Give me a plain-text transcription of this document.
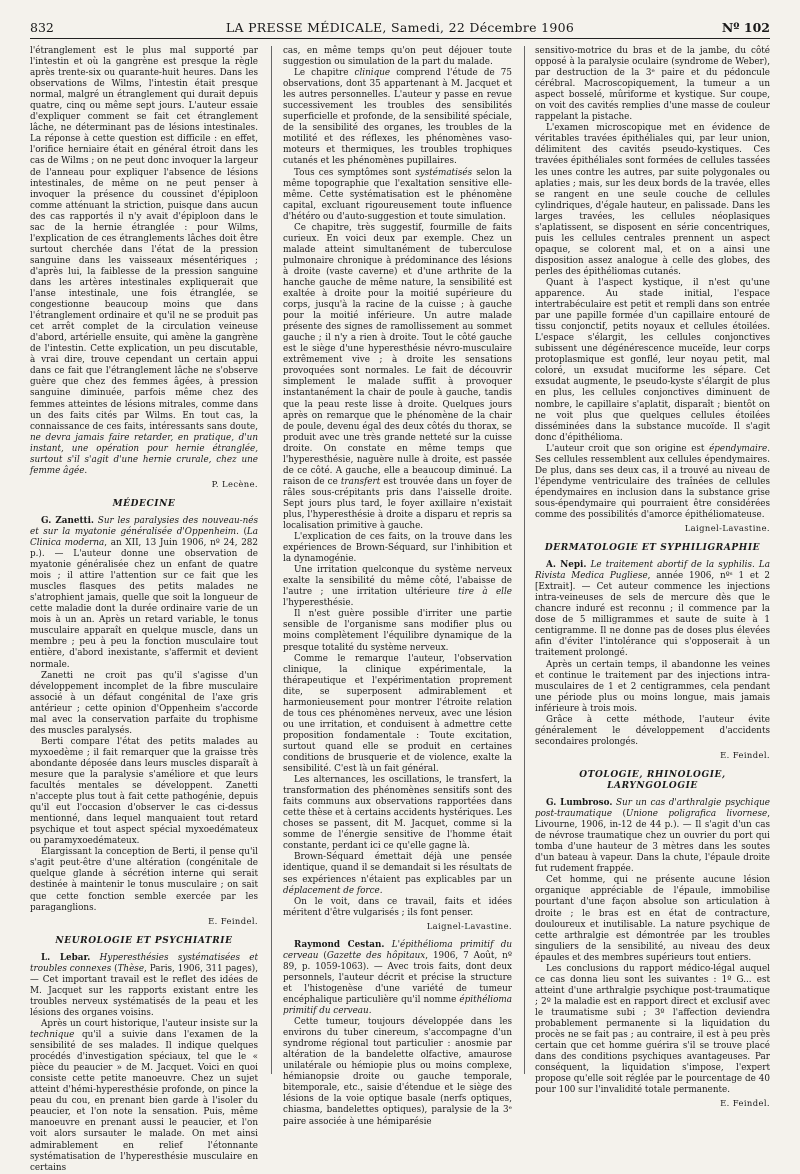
832	LA PRESSE MÉDICALE, Samedi, 22 Décembre 1906	Nº 102

l'étranglement est le plus mal supporté par l'intestin et où la gangrène est presque la règle après trente-six ou quarante-huit heures. Dans les observations de Wilms, l'intestin était presque normal, malgré un étranglement qui durait depuis quatre, cinq ou même sept jours. L'auteur essaie d'expliquer comment se fait cet étranglement lâche, ne déterminant pas de lésions intestinales. La réponse à cette question est difficile : en effet, l'orifice herniaire était en général étroit dans les cas de Wilms ; on ne peut donc invoquer la largeur de l'anneau pour expliquer l'absence de lésions intestinales, de même on ne peut penser à invoquer la présence du coussinet d'épiploon comme atténuant la striction, puisque dans aucun des cas rapportés il n'y avait d'épiploon dans le sac de la hernie étranglée : pour Wilms, l'explication de ces étranglements lâches doit être surtout cherchée dans l'état de la pression sanguine dans les vaisseaux mésentériques ; d'après lui, la faiblesse de la pression sanguine dans les artères intestinales expliquerait que l'anse intestinale, une fois étranglée, se congestionne beaucoup moins que dans l'étranglement ordinaire et qu'il ne se produit pas cet arrêt complet de la circulation veineuse d'abord, artérielle ensuite, qui amène la gangrène de l'intestin. Cette explication, un peu discutable, à vrai dire, trouve cependant un certain appui dans ce fait que l'étranglement lâche ne s'observe guère que chez des femmes âgées, à pression sanguine diminuée, parfois même chez des femmes atteintes de lésions mitrales, comme dans un des faits cités par Wilms. En tout cas, la connaissance de ces faits, intéressants sans doute, ne devra jamais faire retarder, en pratique, d'un instant, une opération pour hernie étranglée, surtout s'il s'agit d'une hernie crurale, chez une femme âgée.

P. Lecène.
MÉDECINE

G. Zanetti. Sur les paralysies des nouveau-nés et sur la myatonie généralisée d'Oppenheim. (La Clinica moderna, an XII, 13 Juin 1906, nº 24, 282 p.). — L'auteur donne une observation de myatonie généralisée chez un enfant de quatre mois ; il attire l'attention sur ce fait que les muscles flasques des petits malades ne s'atrophient jamais, quelle que soit la longueur de cette maladie dont la durée ordinaire varie de un mois à un an. Après un retard variable, le tonus musculaire apparaît en quelque muscle, dans un membre ; peu à peu la fonction musculaire tout entière, d'abord inexistante, s'affermit et devient normale.

Zanetti ne croit pas qu'il s'agisse d'un développement incomplet de la fibre musculaire associé à un défaut congénital de l'axe gris antérieur ; cette opinion d'Oppenheim s'accorde mal avec la conservation parfaite du trophisme des muscles paralysés.

Berti compare l'état des petits malades au myxoedème ; il fait remarquer que la graisse très abondante déposée dans leurs muscles disparaît à mesure que la paralysie s'améliore et que leurs facultés mentales se développent. Zanetti n'accepte plus tout à fait cette pathogénie, depuis qu'il eut l'occasion d'observer le cas ci-dessus mentionné, dans lequel manquaient tout retard psychique et tout aspect spécial myxoedémateux ou paramyxoedémateux.

Élargissant la conception de Berti, il pense qu'il s'agit peut-être d'une altération (congénitale de quelque glande à sécrétion interne qui serait destinée à maintenir le tonus musculaire ; on sait que cette fonction semble exercée par les paraganglions.

E. Feindel.
NEUROLOGIE ET PSYCHIATRIE

L. Lebar. Hyperesthésies systématisées et troubles connexes (Thèse, Paris, 1906, 311 pages), — Cet important travail est le reflet des idées de M. Jacquet sur les rapports existant entre les troubles nerveux systématisés de la peau et les lésions des organes voisins.

Après un court historique, l'auteur insiste sur la technique qu'il a suivie dans l'examen de la sensibilité de ses malades. Il indique quelques procédés d'investigation spéciaux, tel que le « pièce du peaucier » de M. Jacquet. Voici en quoi consiste cette petite manoeuvre. Chez un sujet atteint d'hémi-hyperesthésie profonde, on pince la peau du cou, en prenant bien garde à l'isoler du peaucier, et l'on note la sensation. Puis, même manoeuvre en prenant aussi le peaucier, et l'on voit alors sursauter le malade. On met ainsi admirablement en relief l'étonnante systématisation de l'hyperesthésie musculaire en certains

cas, en même temps qu'on peut déjouer toute suggestion ou simulation de la part du malade.

Le chapitre clinique comprend l'étude de 75 observations, dont 35 appartenant à M. Jacquet et les autres personnelles. L'auteur y passe en revue successivement les troubles des sensibilités superficielle et profonde, de la sensibilité spéciale, de la sensibilité des organes, les troubles de la motilité et des réflexes, les phénomènes vaso-moteurs et thermiques, les troubles trophiques cutanés et les phénomènes pupillaires.

Tous ces symptômes sont systématisés selon la même topographie que l'exaltation sensitive elle-même. Cette systématisation est le phénomène capital, excluant rigoureusement toute influence d'hétéro ou d'auto-suggestion et toute simulation.

Ce chapitre, très suggestif, fourmille de faits curieux. En voici deux par exemple. Chez un malade atteint simultanément de tuberculose pulmonaire chronique à prédominance des lésions à droite (vaste caverne) et d'une arthrite de la hanche gauche de même nature, la sensibilité est exaltée à droite pour la moitié supérieure du corps, jusqu'à la racine de la cuisse ; à gauche pour la moitié inférieure. Un autre malade présente des signes de ramollissement au sommet gauche ; il n'y a rien à droite. Tout le côté gauche est le siège d'une hyperesthésie névro-musculaire extrêmement vive ; à droite les sensations provoquées sont normales. Le fait de découvrir simplement le malade suffit à provoquer instantanément la chair de poule à gauche, tandis que la peau reste lisse à droite. Quelques jours après on remarque que le phénomène de la chair de poule, devenu égal des deux côtés du thorax, se produit avec une très grande netteté sur la cuisse droite. On constate en même temps que l'hyperesthésie, naguère nulle à droite, est passée de ce côté. A gauche, elle a beaucoup diminué. La raison de ce transfert est trouvée dans un foyer de râles sous-crépitants pris dans l'aisselle droite. Sept jours plus tard, le foyer axillaire n'existait plus, l'hyperesthésie à droite a disparu et repris sa localisation primitive à gauche.

L'explication de ces faits, on la trouve dans les expériences de Brown-Séquard, sur l'inhibition et la dynamogénie.

Une irritation quelconque du système nerveux exalte la sensibilité du même côté, l'abaisse de l'autre ; une irritation ultérieure tire à elle l'hyperesthésie.

Il n'est guère possible d'irriter une partie sensible de l'organisme sans modifier plus ou moins complètement l'équilibre dynamique de la presque totalité du système nerveux.

Comme le remarque l'auteur, l'observation clinique, la clinique expérimentale, la thérapeutique et l'expérimentation proprement dite, se superposent admirablement et harmonieusement pour montrer l'étroite relation de tous ces phénomènes nerveux, avec une lésion ou une irritation, et conduisent à admettre cette proposition fondamentale : Toute excitation, surtout quand elle se produit en certaines conditions de brusquerie et de violence, exalte la sensibilité. C'est là un fait général.

Les alternances, les oscillations, le transfert, la transformation des phénomènes sensitifs sont des faits communs aux observations rapportées dans cette thèse et à certains accidents hystériques. Les choses se passent, dit M. Jacquet, comme si la somme de l'énergie sensitive de l'homme était constante, perdant ici ce qu'elle gagne là.

Brown-Séquard émettait déjà une pensée identique, quand il se demandait si les résultats de ses expériences n'étaient pas explicables par un déplacement de force.

On le voit, dans ce travail, faits et idées méritent d'être vulgarisés ; ils font penser.

Laignel-Lavastine.

Raymond Cestan. L'épithélioma primitif du cerveau (Gazette des hôpitaux, 1906, 7 Août, nº 89, p. 1059-1063). — Avec trois faits, dont deux personnels, l'auteur décrit et précise la structure et l'histogenèse d'une variété de tumeur encéphalique particulière qu'il nomme épithélioma primitif du cerveau.

Cette tumeur, toujours développée dans les environs du tuber cinereum, s'accompagne d'un syndrome régional tout particulier : anosmie par altération de la bandelette olfactive, amaurose unilatérale ou hémiopie plus ou moins complexe, hémianopsie droite ou gauche temporale, bitemporale, etc., saisie d'étendue et le siège des lésions de la voie optique basale (nerfs optiques, chiasma, bandelettes optiques), paralysie de la 3ᵉ paire associée à une hémiparésie

sensitivo-motrice du bras et de la jambe, du côté opposé à la paralysie oculaire (syndrome de Weber), par destruction de la 3ᵉ paire et du pédoncule cérébral. Macroscopiquement, la tumeur a un aspect bosselé, mûriforme et kystique. Sur coupe, on voit des cavités remplies d'une masse de couleur rappelant la pistache.

L'examen microscopique met en évidence de véritables travées épithéliales qui, par leur union, délimitent des cavités pseudo-kystiques. Ces travées épithéliales sont formées de cellules tassées les unes contre les autres, par suite polygonales ou aplaties ; mais, sur les deux bords de la travée, elles se rangent en une seule couche de cellules cylindriques, d'égale hauteur, en palissade. Dans les larges travées, les cellules néoplasiques s'aplatissent, se disposent en série concentriques, puis les cellules centrales prennent un aspect opaque, se colorent mal, et on a ainsi une disposition assez analogue à celle des globes, des perles des épithéliomas cutanés.

Quant à l'aspect kystique, il n'est qu'une apparence. Au stade initial, l'espace intertrabéculaire est petit et rempli dans son entrée par une papille formée d'un capillaire entouré de tissu conjonctif, petits noyaux et cellules étoilées. L'espace s'élargit, les cellules conjonctives subissent une dégénérescence muceïde, leur corps protoplasmique est gonflé, leur noyau petit, mal coloré, un exsudat muciforme les sépare. Cet exsudat augmente, le pseudo-kyste s'élargit de plus en plus, les cellules conjonctives diminuent de nombre, le capillaire s'aplatit, disparaît ; bientôt on ne voit plus que quelques cellules étoilées disséminées dans la substance mucoïde. Il s'agit donc d'épithélioma.

L'auteur croit que son origine est épendymaire. Ses cellules ressemblent aux cellules épendymaires. De plus, dans ses deux cas, il a trouvé au niveau de l'épendyme ventriculaire des traînées de cellules épendymaires en inclusion dans la substance grise sous-épendymaire qui pourraient être considérées comme des possibilités d'amorce épithéliomateuse.

Laignel-Lavastine.
DERMATOLOGIE ET SYPHILIGRAPHIE

A. Nepi. Le traitement abortif de la syphilis. La Rivista Medica Pugliese, année 1906, nºˢ 1 et 2 [Extrait]. — Cet auteur commence les injections intra-veineuses de sels de mercure dès que le chancre induré est reconnu ; il commence par la dose de 5 milligrammes et saute de suite à 1 centigramme. Il ne donne pas de doses plus élevées afin d'éviter l'intolérance qui s'opposerait à un traitement prolongé.

Après un certain temps, il abandonne les veines et continue le traitement par des injections intra-musculaires de 1 et 2 centigrammes, cela pendant une période plus ou moins longue, mais jamais inférieure à trois mois.

Grâce à cette méthode, l'auteur évite généralement le développement d'accidents secondaires prolongés.

E. Feindel.
OTOLOGIE, RHINOLOGIE, LARYNGOLOGIE

G. Lumbroso. Sur un cas d'arthralgie psychique post-traumatique (Unione poligrafica livornese, Livourne, 1906, in-12 de 44 p.). — Il s'agit d'un cas de névrose traumatique chez un ouvrier du port qui tomba d'une hauteur de 3 mètres dans les soutes d'un bateau à vapeur. Dans la chute, l'épaule droite fut rudement frappée.

Cet homme, qui ne présente aucune lésion organique appréciable de l'épaule, immobilise pourtant d'une façon absolue son articulation à droite ; le bras est en état de contracture, douloureux et inutilisable. La nature psychique de cette arthralgie est démontrée par les troubles singuliers de la sensibilité, au niveau des deux épaules et des membres supérieurs tout entiers.

Les conclusions du rapport médico-légal auquel ce cas donna lieu sont les suivantes : 1º G... est atteint d'une arthralgie psychique post-traumatique ; 2º la maladie est en rapport direct et exclusif avec le traumatisme subi ; 3º l'affection deviendra probablement permanente si la liquidation du procès ne se fait pas ; au contraire, il est à peu près certain que cet homme guérira s'il se trouve placé dans des conditions psychiques avantageuses. Par conséquent, la liquidation s'impose, l'expert propose qu'elle soit réglée par le pourcentage de 40 pour 100 sur l'invalidité totale permanente.

E. Feindel.
